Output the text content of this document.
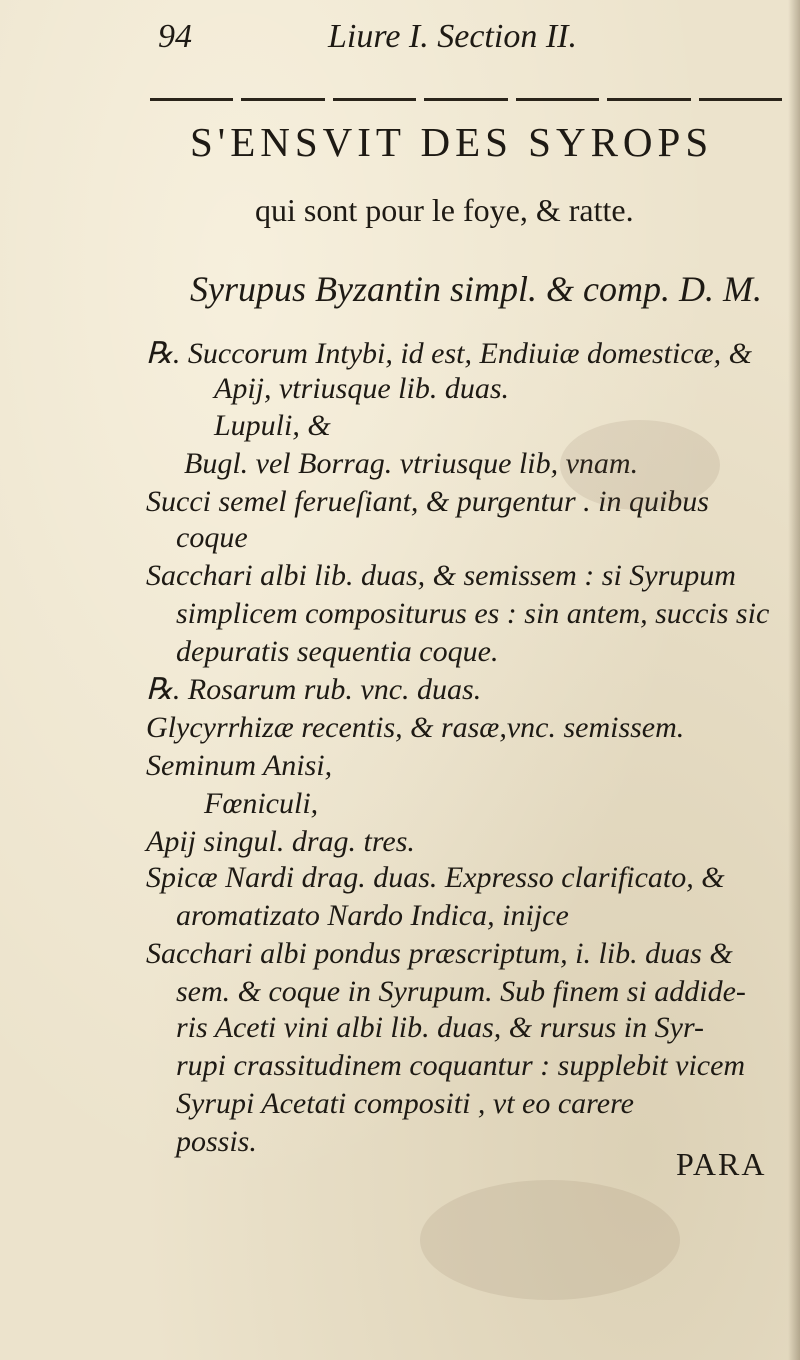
94	Liure I. Section II.
S'ENSVIT DES SYROPS
qui sont pour le foye, & ratte.
Syrupus Byzantin simpl. & comp. D. M.
℞. Succorum Intybi, id est, Endiuiæ domesticæ, &
Apij, vtriusque lib. duas.
Lupuli, &
Bugl. vel Borrag. vtriusque lib, vnam.
Succi semel ferueſiant, & purgentur . in quibus
coque
Sacchari albi lib. duas, & semissem : si Syrupum
simplicem compositurus es : sin antem, succis sic
depuratis sequentia coque.
℞. Rosarum rub. vnc. duas.
Glycyrrhizæ recentis, & rasæ,vnc. semissem.
Seminum Anisi,
Fœniculi,
Apij singul. drag. tres.
Spicæ Nardi drag. duas. Expresso clarificato, &
aromatizato Nardo Indica, inijce
Sacchari albi pondus præscriptum, i. lib. duas &
sem. & coque in Syrupum. Sub finem si addide-
ris Aceti vini albi lib. duas, & rursus in Syr-
rupi crassitudinem coquantur : supplebit vicem
Syrupi Acetati compositi , vt eo carere
possis.
PARA
